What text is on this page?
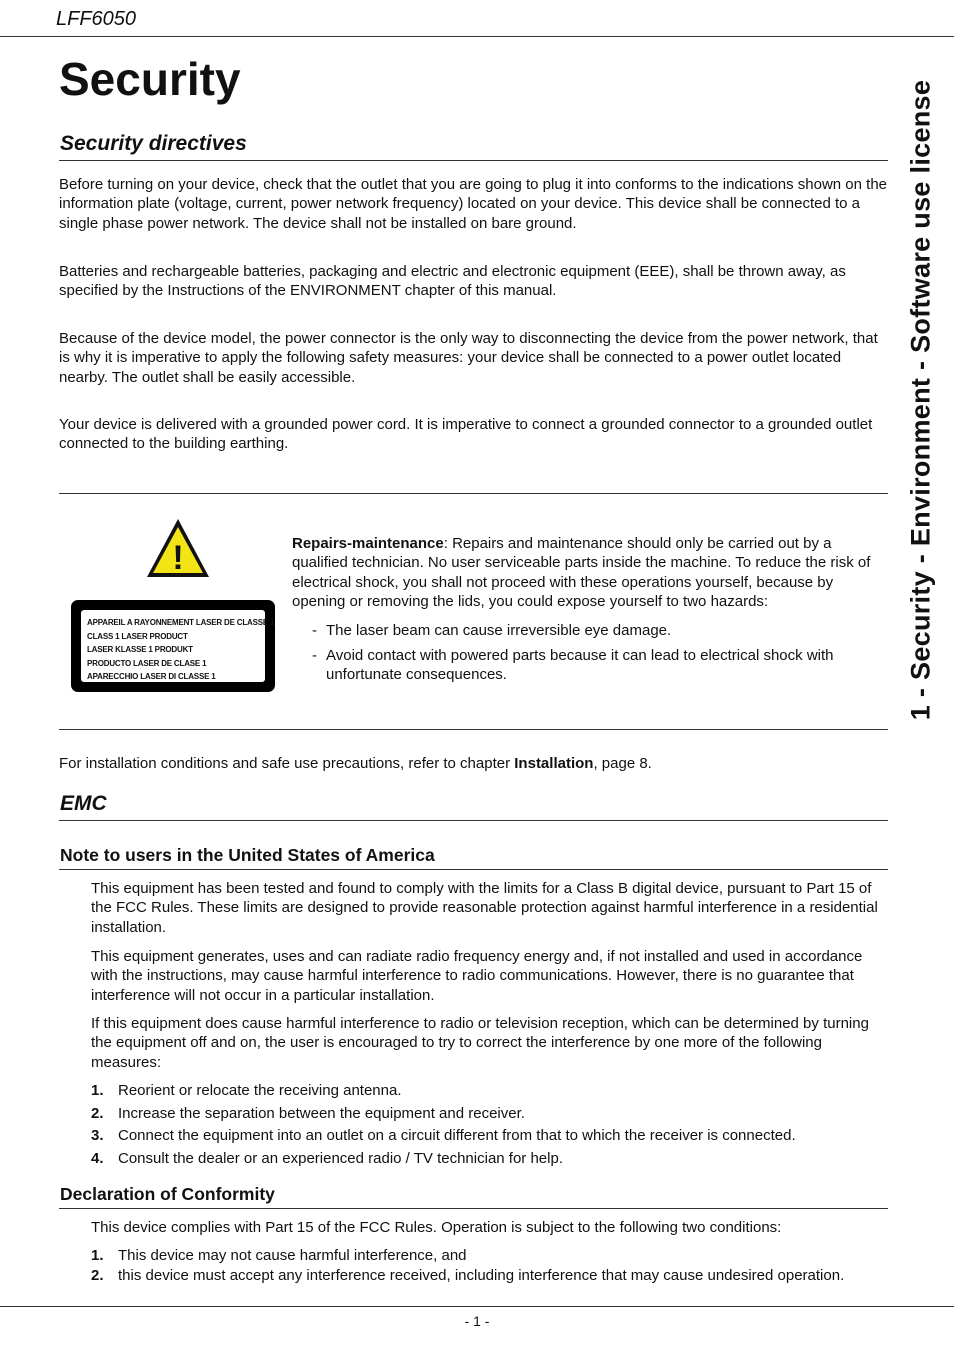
LFF6050
1 - Security - Environment - Software use license
Security
Security directives
Before turning on your device, check that the outlet that you are going to plug it into conforms to the indications shown on the information plate (voltage, current, power network frequency) located on your device. This device shall be connected to a single phase power network. The device shall not be installed on bare ground.
Batteries and rechargeable batteries, packaging and electric and electronic equipment (EEE), shall be thrown away, as specified by the Instructions of the ENVIRONMENT chapter of this manual.
Because of the device model, the power connector is the only way to disconnecting the device from the power network, that is why it is imperative to apply the following safety measures: your device shall be connected to a power outlet located nearby. The outlet shall be easily accessible.
Your device is delivered with a grounded power cord. It is imperative to connect a grounded connector to a grounded outlet connected to the building earthing.
!
APPAREIL A RAYONNEMENT LASER DE CLASSE 1
CLASS 1 LASER PRODUCT
LASER KLASSE 1 PRODUKT
PRODUCTO LASER DE CLASE 1
APARECCHIO LASER DI CLASSE 1
Repairs-maintenance: Repairs and maintenance should only be carried out by a qualified technician. No user serviceable parts inside the machine. To reduce the risk of electrical shock, you shall not proceed with these operations yourself, because by opening or removing the lids, you could expose yourself to two hazards:
- The laser beam can cause irreversible eye damage.
- Avoid contact with powered parts because it can lead to electrical shock with unfortunate consequences.
For installation conditions and safe use precautions, refer to chapter Installation, page 8.
EMC
Note to users in the United States of America
This equipment has been tested and found to comply with the limits for a Class B digital device, pursuant to Part 15 of the FCC Rules. These limits are designed to provide reasonable protection against harmful interference in a residential installation.
This equipment generates, uses and can radiate radio frequency energy and, if not installed and used in accordance with the instructions, may cause harmful interference to radio communications. However, there is no guarantee that interference will not occur in a particular installation.
If this equipment does cause harmful interference to radio or television reception, which can be determined by turning the equipment off and on, the user is encouraged to try to correct the interference by one more of the following measures:
1. Reorient or relocate the receiving antenna.
2. Increase the separation between the equipment and receiver.
3. Connect the equipment into an outlet on a circuit different from that to which the receiver is connected.
4. Consult the dealer or an experienced radio / TV technician for help.
Declaration of Conformity
This device complies with Part 15 of the FCC Rules. Operation is subject to the following two conditions:
1. This device may not cause harmful interference, and
2. this device must accept any interference received, including interference that may cause undesired operation.
- 1 -
